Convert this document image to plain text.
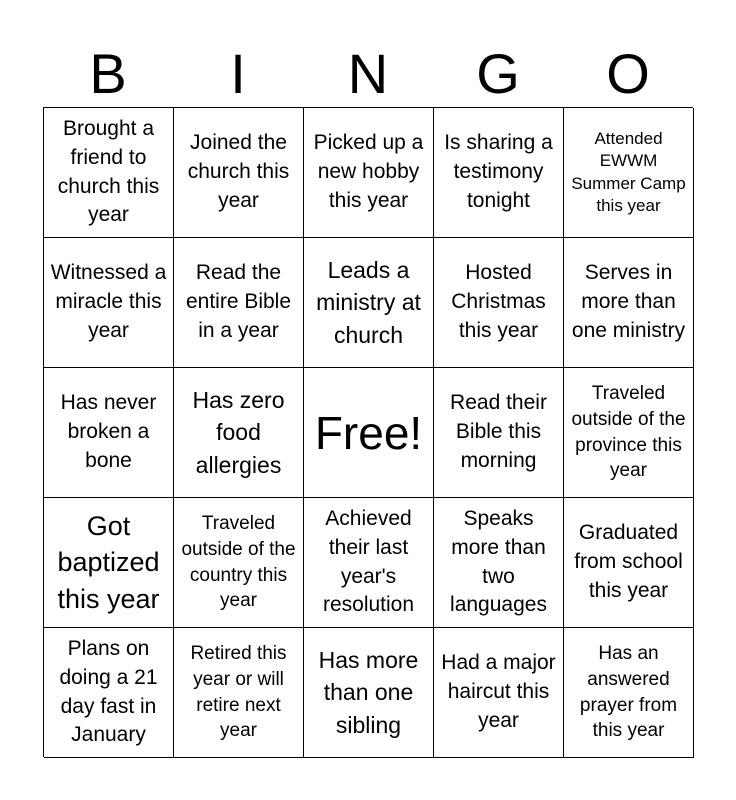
B	I	N	G	O
Brought a friend to church this year
Joined the church this year
Picked up a new hobby this year
Is sharing a testimony tonight
Attended EWWM Summer Camp this year
Witnessed a miracle this year
Read the entire Bible in a year
Leads a ministry at church
Hosted Christmas this year
Serves in more than one ministry
Has never broken a bone
Has zero food allergies
Free!
Read their Bible this morning
Traveled outside of the province this year
Got baptized this year
Traveled outside of the country this year
Achieved their last year's resolution
Speaks more than two languages
Graduated from school this year
Plans on doing a 21 day fast in January
Retired this year or will retire next year
Has more than one sibling
Had a major haircut this year
Has an answered prayer from this year
